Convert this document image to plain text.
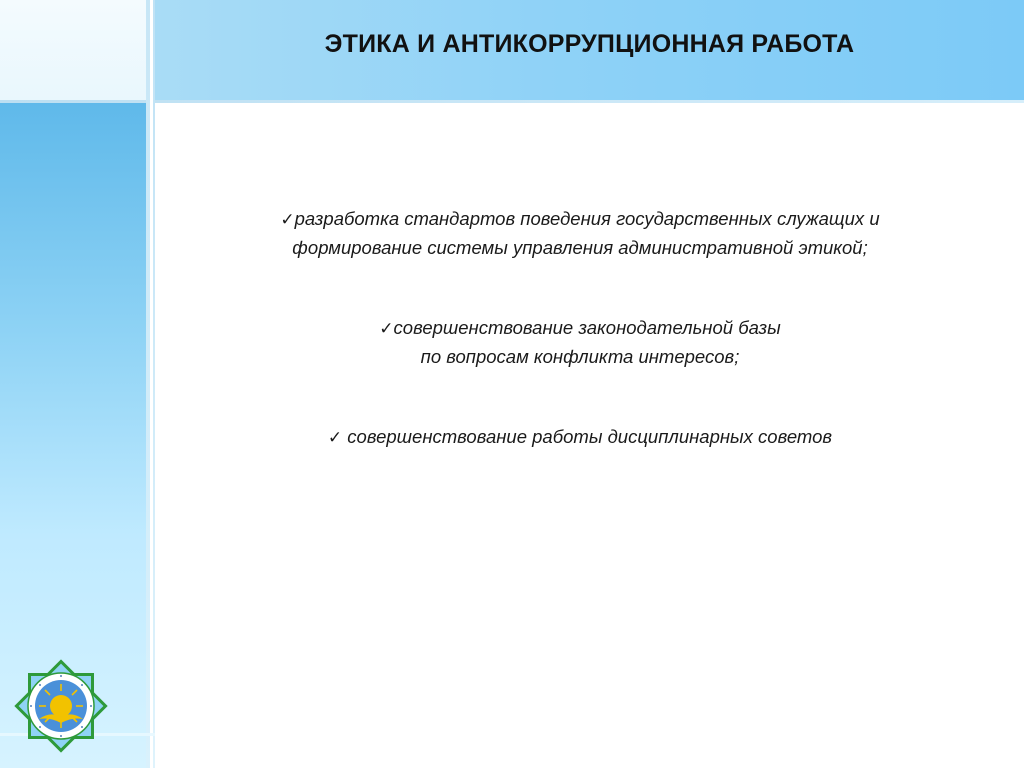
ЭТИКА И АНТИКОРРУПЦИОННАЯ РАБОТА

✓разработка стандартов поведения государственных служащих и
формирование системы управления административной этикой;

✓совершенствование законодательной базы
по вопросам конфликта интересов;

✓ совершенствование работы дисциплинарных советов
